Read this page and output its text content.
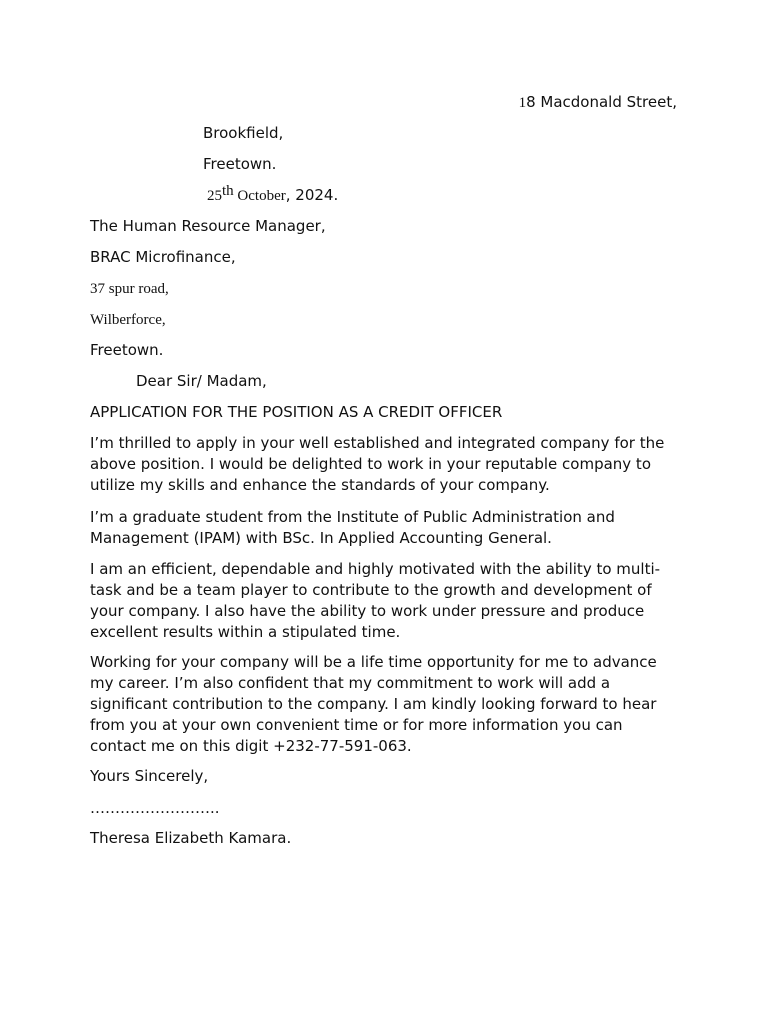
18 Macdonald Street,
Brookfield,
Freetown.
25th October, 2024.
The Human Resource Manager,
BRAC Microfinance,
37 spur road,
Wilberforce,
Freetown.
Dear Sir/ Madam,
APPLICATION FOR THE POSITION AS A CREDIT OFFICER

I’m thrilled to apply in your well established and integrated company for the above position. I would be delighted to work in your reputable company to utilize my skills and enhance the standards of your company.

I’m a graduate student from the Institute of Public Administration and Management (IPAM) with BSc. In Applied Accounting General.

I am an efficient, dependable and highly motivated with the ability to multi-task and be a team player to contribute to the growth and development of your company. I also have the ability to work under pressure and produce excellent results within a stipulated time.

Working for your company will be a life time opportunity for me to advance my career. I’m also confident that my commitment to work will add a significant contribution to the company. I am kindly looking forward to hear from you at your own convenient time or for more information you can contact me on this digit +232-77-591-063.

Yours Sincerely,
……………………..
Theresa Elizabeth Kamara.
